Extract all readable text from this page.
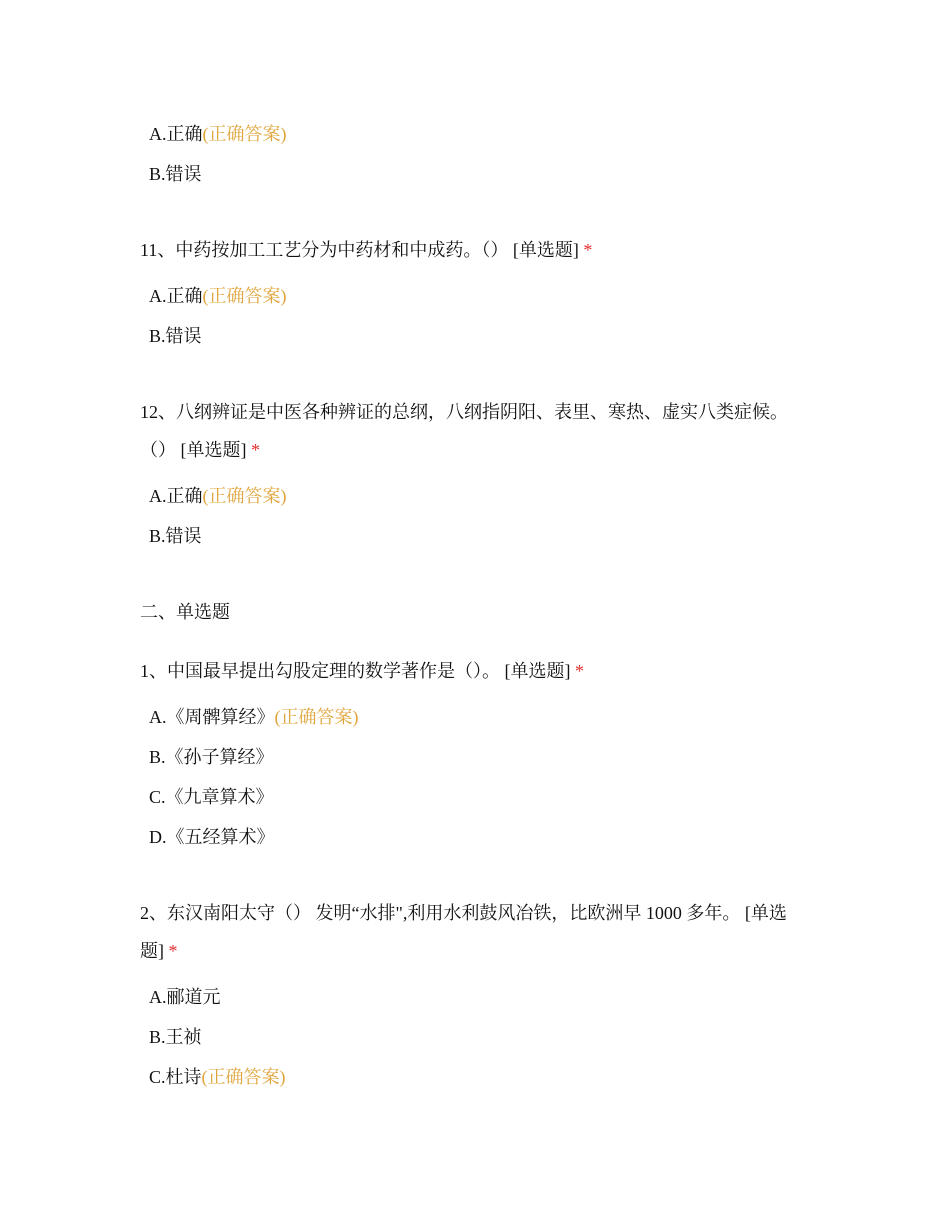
A.正确(正确答案)
B.错误
11、中药按加工工艺分为中药材和中成药。（） [单选题] *
A.正确(正确答案)
B.错误
12、八纲辨证是中医各种辨证的总纲，八纲指阴阳、表里、寒热、虚实八类症候。
（） [单选题] *
A.正确(正确答案)
B.错误
二、单选题
1、中国最早提出勾股定理的数学著作是（）。 [单选题] *
A.《周髀算经》(正确答案)
B.《孙子算经》
C.《九章算术》
D.《五经算术》
2、东汉南阳太守（） 发明“水排",利用水利鼓风冶铁，比欧洲早 1000 多年。 [单选
题] *
A.郦道元
B.王祯
C.杜诗(正确答案)
